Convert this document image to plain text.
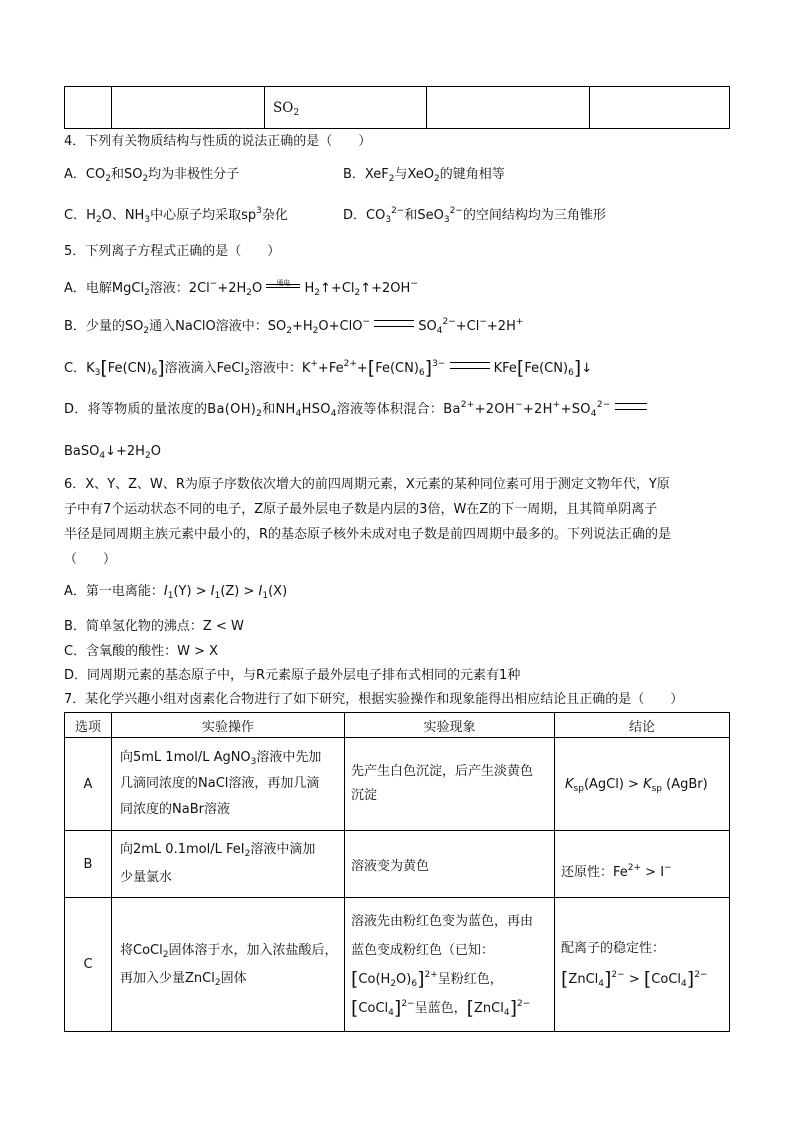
		$SO_2$		
4．下列有关物质结构与性质的说法正确的是（　　）
A．$CO_2$和$SO_2$均为非极性分子	B．XeF$_2$与XeO$_2$的键角相等
C．$H_2O$、$NH_3$中心原子均采取$sp^3$杂化	D．$CO_3^{2-}$和SeO$_3^{2-}$的空间结构均为三角锥形
5．下列离子方程式正确的是（　　）
A．电解MgCl$_2$溶液：$2Cl^-+2H_2O$	通电 $H_2↑+Cl_2↑+2OH^-$
B．少量的$SO_2$通入NaClO溶液中：$SO_2+H_2O+ClO^-$	$SO_4^{2-}+Cl^-+2H^+$
C．$K_3[Fe(CN)_6]$溶液滴入FeCl$_2$溶液中：$K^++Fe^{2+}+[Fe(CN)_6]^{3-}$	$KFe[Fe(CN)_6]↓$
D．将等物质的量浓度的$Ba(OH)_2$和$NH_4HSO_4$溶液等体积混合：$Ba^{2+}+2OH^-+2H^++SO_4^{2-}$
$BaSO_4↓+2H_2O$
6．X、Y、Z、W、R为原子序数依次增大的前四周期元素，X元素的某种同位素可用于测定文物年代，Y原
子中有7个运动状态不同的电子，Z原子最外层电子数是内层的3倍，W在Z的下一周期，且其简单阴离子
半径是同周期主族元素中最小的，R的基态原子核外未成对电子数是前四周期中最多的。下列说法正确的是
（　　）
A．第一电离能：$I_1(Y) > I_1(Z) > I_1(X)$
B．简单氢化物的沸点：Z < W
C．含氧酸的酸性：W > X
D．同周期元素的基态原子中，与R元素原子最外层电子排布式相同的元素有1种
7．某化学兴趣小组对卤素化合物进行了如下研究，根据实验操作和现象能得出相应结论且正确的是（　　）
选项	实验操作	实验现象	结论
A	向5mL 1mol/L AgNO$_3$溶液中先加
几滴同浓度的NaCl溶液，再加几滴
同浓度的NaBr溶液	先产生白色沉淀，后产生淡黄色
沉淀	$K_{sp}(AgCl) > K_{sp}$ (AgBr)
B	向2mL 0.1mol/L FeI$_2$溶液中滴加
少量氯水	溶液变为黄色	还原性：$Fe^{2+} > I^-$
C	将CoCl$_2$固体溶于水，加入浓盐酸后，
再加入少量ZnCl$_2$固体	溶液先由粉红色变为蓝色，再由
蓝色变成粉红色（已知：
$[Co(H_2O)_6]^{2+}$呈粉红色，
[CoCl$_4$]$^{2-}$呈蓝色，[ZnCl$_4$]$^{2-}$	配离子的稳定性：
[ZnCl$_4$]$^{2-}$ > [CoCl$_4$]$^{2-}$
